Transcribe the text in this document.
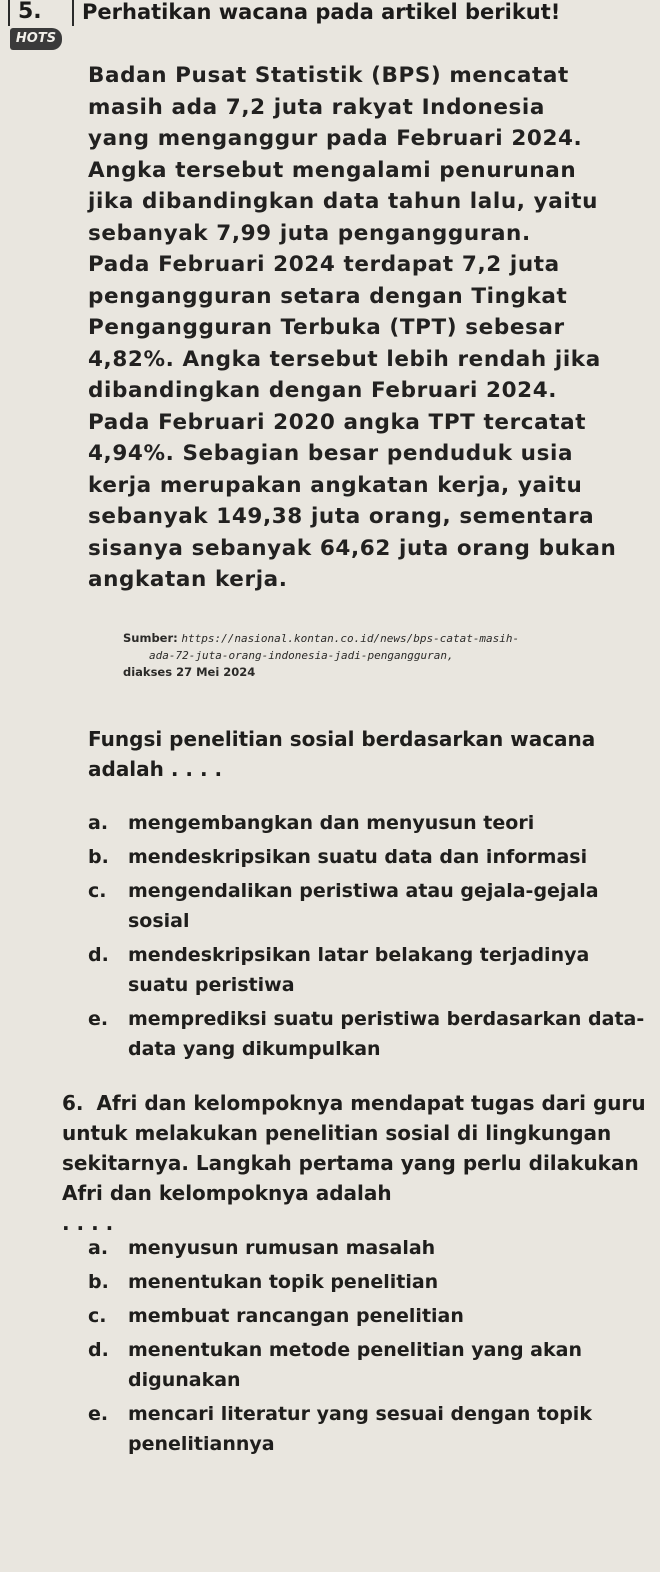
5.	Perhatikan wacana pada artikel berikut!
HOTS
Badan Pusat Statistik (BPS) mencatat
masih ada 7,2 juta rakyat Indonesia
yang menganggur pada Februari 2024.
Angka tersebut mengalami penurunan
jika dibandingkan data tahun lalu, yaitu
sebanyak 7,99 juta pengangguran.
Pada Februari 2024 terdapat 7,2 juta
pengangguran setara dengan Tingkat
Pengangguran Terbuka (TPT) sebesar
4,82%. Angka tersebut lebih rendah jika
dibandingkan dengan Februari 2024.
Pada Februari 2020 angka TPT tercatat
4,94%. Sebagian besar penduduk usia
kerja merupakan angkatan kerja, yaitu
sebanyak 149,38 juta orang, sementara
sisanya sebanyak 64,62 juta orang bukan
angkatan kerja.
Sumber: https://nasional.kontan.co.id/news/bps-catat-masih-
ada-72-juta-orang-indonesia-jadi-pengangguran,
diakses 27 Mei 2024
Fungsi penelitian sosial berdasarkan wacana adalah . . . .
a. mengembangkan dan menyusun teori
b. mendeskripsikan suatu data dan informasi
c. mengendalikan peristiwa atau gejala-gejala sosial
d. mendeskripsikan latar belakang terjadinya suatu peristiwa
e. memprediksi suatu peristiwa berdasarkan data-data yang dikumpulkan
6. Afri dan kelompoknya mendapat tugas dari guru untuk melakukan penelitian sosial di lingkungan sekitarnya. Langkah pertama yang perlu dilakukan Afri dan kelompoknya adalah
. . . .
a. menyusun rumusan masalah
b. menentukan topik penelitian
c. membuat rancangan penelitian
d. menentukan metode penelitian yang akan digunakan
e. mencari literatur yang sesuai dengan topik penelitiannya
